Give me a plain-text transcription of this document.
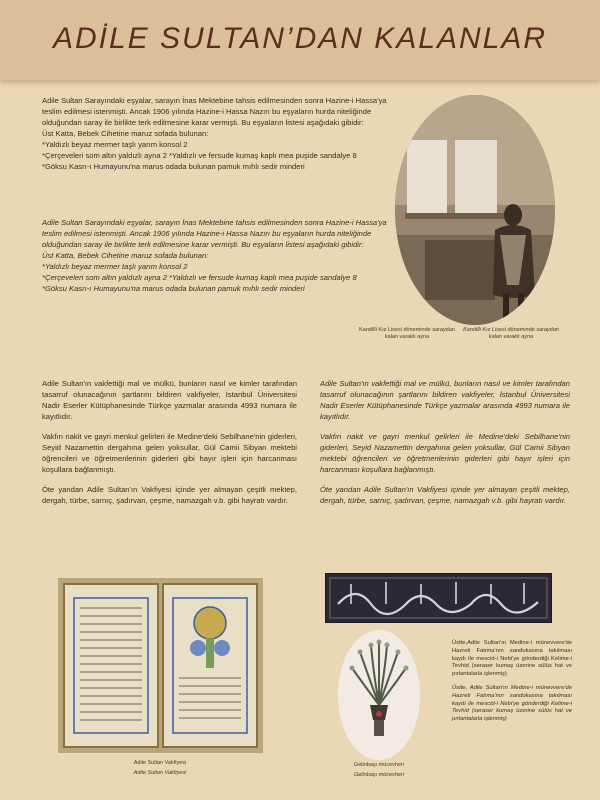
ADİLE SULTAN’DAN KALANLAR
Adile Sultan Sarayındaki eşyalar, sarayın İnas Mektebine tahsis edilmesinden sonra Hazine-i Hassa'ya teslim edilmesi istenmişti. Ancak 1906 yılında Hazine-i Hassa Nazırı bu eşyaların hurda niteliğinde olduğundan saray ile birlikte terk edilmesine karar vermişti. Bu eşyaların listesi aşağıdaki gibidir:
Üst Katta, Bebek Cihetine maruz sofada bulunan:
*Yaldızlı beyaz mermer taşlı yarım konsol 2
*Çerçeveleri som altın yaldızlı ayna 2 *Yaldızlı ve fersude kumaş kaplı mea puşide sandalye 8
*Göksu Kasrı-ı Humayunu'na marus odada bulunan pamuk mıhlı sedir minderi
Adile Sultan Sarayındaki eşyalar, sarayın İnas Mektebine tahsis edilmesinden sonra Hazine-i Hassa'ya teslim edilmesi istenmişti. Ancak 1906 yılında Hazine-i Hassa Nazırı bu eşyaların hurda niteliğinde olduğundan saray ile birlikte terk edilmesine karar vermişti. Bu eşyaların listesi aşağıdaki gibidir:
Üst Katta, Bebek Cihetine maruz sofada bulunan:
*Yaldızlı beyaz mermer taşlı yarım konsol 2
*Çerçeveleri som altın yaldızlı ayna 2 *Yaldızlı ve fersude kumaş kaplı mea puşide sandalye 8
*Göksu Kasrı-ı Humayunu'na marus odada bulunan pamuk mıhlı sedir minderi
Kandilli Kız Lisesi döneminde saraydan kalan varaklı ayna
Kandilli Kız Lisesi döneminde saraydan kalan varaklı ayna

Adile Sultan'ın vakfettiği mal ve mülkü, bunların nasıl ve kimler tarafından tasarruf olunacağının şartlarını bildiren vakfiyeler, İstanbul Üniversitesi Nadir Eserler Kütüphanesinde Türkçe yazmalar arasında 4993 numara ile kayıtlıdır.

Vakfın nakit ve gayri menkul gelirleri ile Medine'deki Sebilhane'nin giderleri, Seyid Nazamettin dergahına gelen yoksullar, Gül Camii Sibyan mektebi öğrencileri ve öğretmenlerinin giderleri gibi hayır işleri için harcanması koşullara bağlanmıştı.

Öte yandan Adile Sultan'ın Vakfiyesi içinde yer almayan çeşitli mektep, dergah, türbe, sarnıç, şadırvan, çeşme, namazgah v.b. gibi hayratı vardır.

Adile Sultan'ın vakfettiği mal ve mülkü, bunların nasıl ve kimler tarafından tasarruf olunacağının şartlarını bildiren vakfiyeler, İstanbul Üniversitesi Nadir Eserler Kütüphanesinde Türkçe yazmalar arasında 4993 numara ile kayıtlıdır.

Vakfın nakit ve gayri menkul gelirleri ile Medine'deki Sebilhane'nin giderleri, Seyid Nazamettin dergahına gelen yoksullar, Gül Camii Sibyan mektebi öğrencileri ve öğretmenlerinin giderleri gibi hayır işleri için harcanması koşullara bağlanmıştı.

Öte yandan Adile Sultan'ın Vakfiyesi içinde yer almayan çeşitli mektep, dergah, türbe, sarnıç, şadırvan, çeşme, namazgah v.b. gibi hayratı vardır.

Adile Sultan Vakfiyesi
Adile Sultan Vakfiyesi
Gelinbaşı mücevheri
Gelinbaşı mücevheri

Üstte,Adile Sultan'ın Medine-i münevvere'de Hazreti Fatıma'nın sandukasına takılması kaydı ile mescid-i Nebi'ye gönderdiği Kelime-i Tevhid (seraser kumaş üzerine sülüs hat ve pırlantalarla işlenmiş)

Üstte, Adile Sultan'ın Medine-i münevvere'de Hazreti Fatıma'nın sandukasına takılması kaydı ile mescid-i Nebi'ye gönderdiği Kelime-i Tevhid (seraser kumaş üzerine sülüs hat ve pırlantalarla işlenmiş)
